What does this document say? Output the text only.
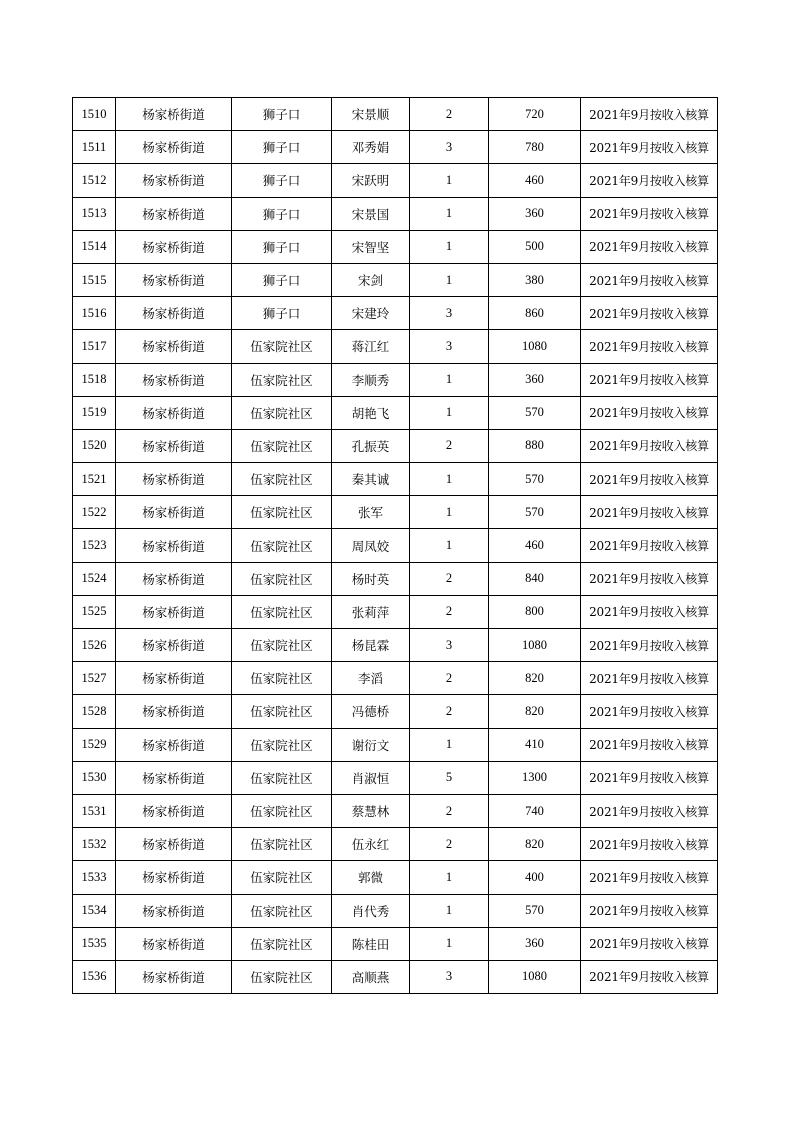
1510	杨家桥街道	狮子口	宋景顺	2	720	2021年9月按收入核算
1511	杨家桥街道	狮子口	邓秀娟	3	780	2021年9月按收入核算
1512	杨家桥街道	狮子口	宋跃明	1	460	2021年9月按收入核算
1513	杨家桥街道	狮子口	宋景国	1	360	2021年9月按收入核算
1514	杨家桥街道	狮子口	宋智坚	1	500	2021年9月按收入核算
1515	杨家桥街道	狮子口	宋剑	1	380	2021年9月按收入核算
1516	杨家桥街道	狮子口	宋建玲	3	860	2021年9月按收入核算
1517	杨家桥街道	伍家院社区	蒋江红	3	1080	2021年9月按收入核算
1518	杨家桥街道	伍家院社区	李顺秀	1	360	2021年9月按收入核算
1519	杨家桥街道	伍家院社区	胡艳飞	1	570	2021年9月按收入核算
1520	杨家桥街道	伍家院社区	孔振英	2	880	2021年9月按收入核算
1521	杨家桥街道	伍家院社区	秦其诚	1	570	2021年9月按收入核算
1522	杨家桥街道	伍家院社区	张军	1	570	2021年9月按收入核算
1523	杨家桥街道	伍家院社区	周凤姣	1	460	2021年9月按收入核算
1524	杨家桥街道	伍家院社区	杨时英	2	840	2021年9月按收入核算
1525	杨家桥街道	伍家院社区	张莉萍	2	800	2021年9月按收入核算
1526	杨家桥街道	伍家院社区	杨昆霖	3	1080	2021年9月按收入核算
1527	杨家桥街道	伍家院社区	李滔	2	820	2021年9月按收入核算
1528	杨家桥街道	伍家院社区	冯德桥	2	820	2021年9月按收入核算
1529	杨家桥街道	伍家院社区	谢衍文	1	410	2021年9月按收入核算
1530	杨家桥街道	伍家院社区	肖淑恒	5	1300	2021年9月按收入核算
1531	杨家桥街道	伍家院社区	蔡慧林	2	740	2021年9月按收入核算
1532	杨家桥街道	伍家院社区	伍永红	2	820	2021年9月按收入核算
1533	杨家桥街道	伍家院社区	郭微	1	400	2021年9月按收入核算
1534	杨家桥街道	伍家院社区	肖代秀	1	570	2021年9月按收入核算
1535	杨家桥街道	伍家院社区	陈桂田	1	360	2021年9月按收入核算
1536	杨家桥街道	伍家院社区	高顺燕	3	1080	2021年9月按收入核算
